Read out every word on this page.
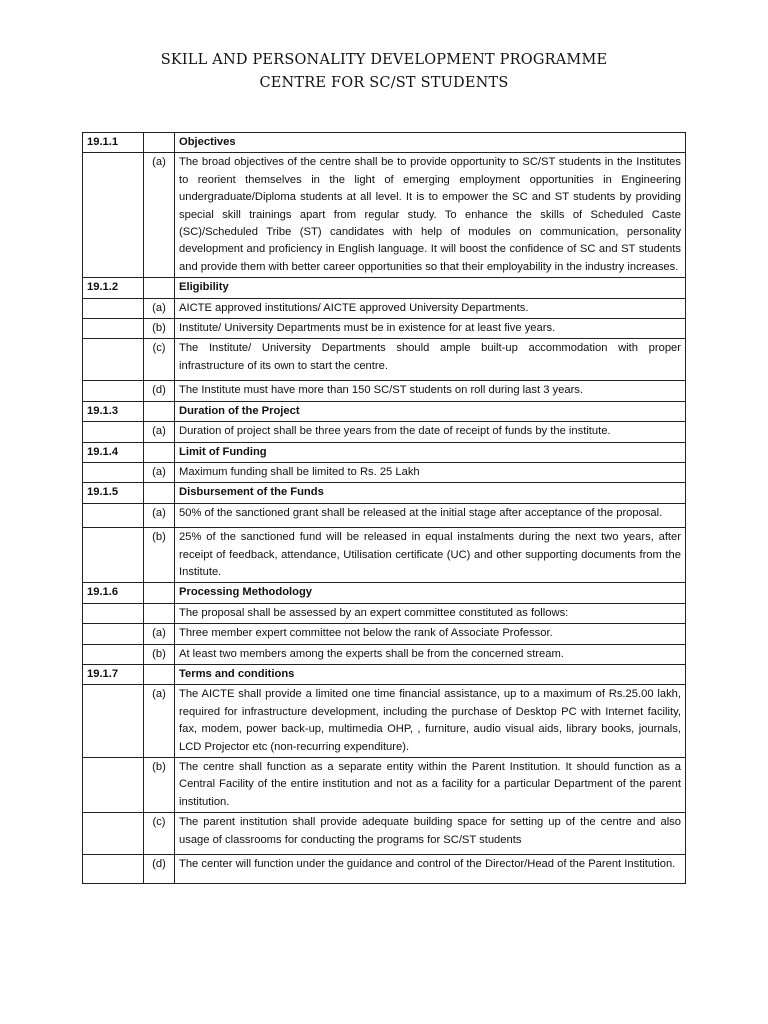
SKILL AND PERSONALITY DEVELOPMENT PROGRAMME
CENTRE FOR SC/ST STUDENTS
19.1.1		Objectives
	(a)	The broad objectives of the centre shall be to provide opportunity to SC/ST students in the Institutes to reorient themselves in the light of emerging employment opportunities in Engineering undergraduate/Diploma students at all level. It is to empower the SC and ST students by providing special skill trainings apart from regular study. To enhance the skills of Scheduled Caste (SC)/Scheduled Tribe (ST) candidates with help of modules on communication, personality development and proficiency in English language. It will boost the confidence of SC and ST students and provide them with better career opportunities so that their employability in the industry increases.
19.1.2		Eligibility
	(a)	AICTE approved institutions/ AICTE approved University Departments.
	(b)	Institute/ University Departments must be in existence for at least five years.
	(c)	The Institute/ University Departments should ample built-up accommodation with proper infrastructure of its own to start the centre.
	(d)	The Institute must have more than 150 SC/ST students on roll during last 3 years.
19.1.3		Duration of the Project
	(a)	Duration of project shall be three years from the date of receipt of funds by the institute.
19.1.4		Limit of Funding
	(a)	Maximum funding shall be limited to Rs. 25 Lakh
19.1.5		Disbursement of the Funds
	(a)	50% of the sanctioned grant shall be released at the initial stage after acceptance of the proposal.
	(b)	25% of the sanctioned fund will be released in equal instalments during the next two years, after receipt of feedback, attendance, Utilisation certificate (UC) and other supporting documents from the Institute.
19.1.6		Processing Methodology
		The proposal shall be assessed by an expert committee constituted as follows:
	(a)	Three member expert committee not below the rank of Associate Professor.
	(b)	At least two members among the experts shall be from the concerned stream.
19.1.7		Terms and conditions
	(a)	The AICTE shall provide a limited one time financial assistance, up to a maximum of Rs.25.00 lakh, required for infrastructure development, including the purchase of Desktop PC with Internet facility, fax, modem, power back-up, multimedia OHP, , furniture, audio visual aids, library books, journals, LCD Projector etc (non-recurring expenditure).
	(b)	The centre shall function as a separate entity within the Parent Institution. It should function as a Central Facility of the entire institution and not as a facility for a particular Department of the parent institution.
	(c)	The parent institution shall provide adequate building space for setting up of the centre and also usage of classrooms for conducting the programs for SC/ST students
	(d)	The center will function under the guidance and control of the Director/Head of the Parent Institution.
